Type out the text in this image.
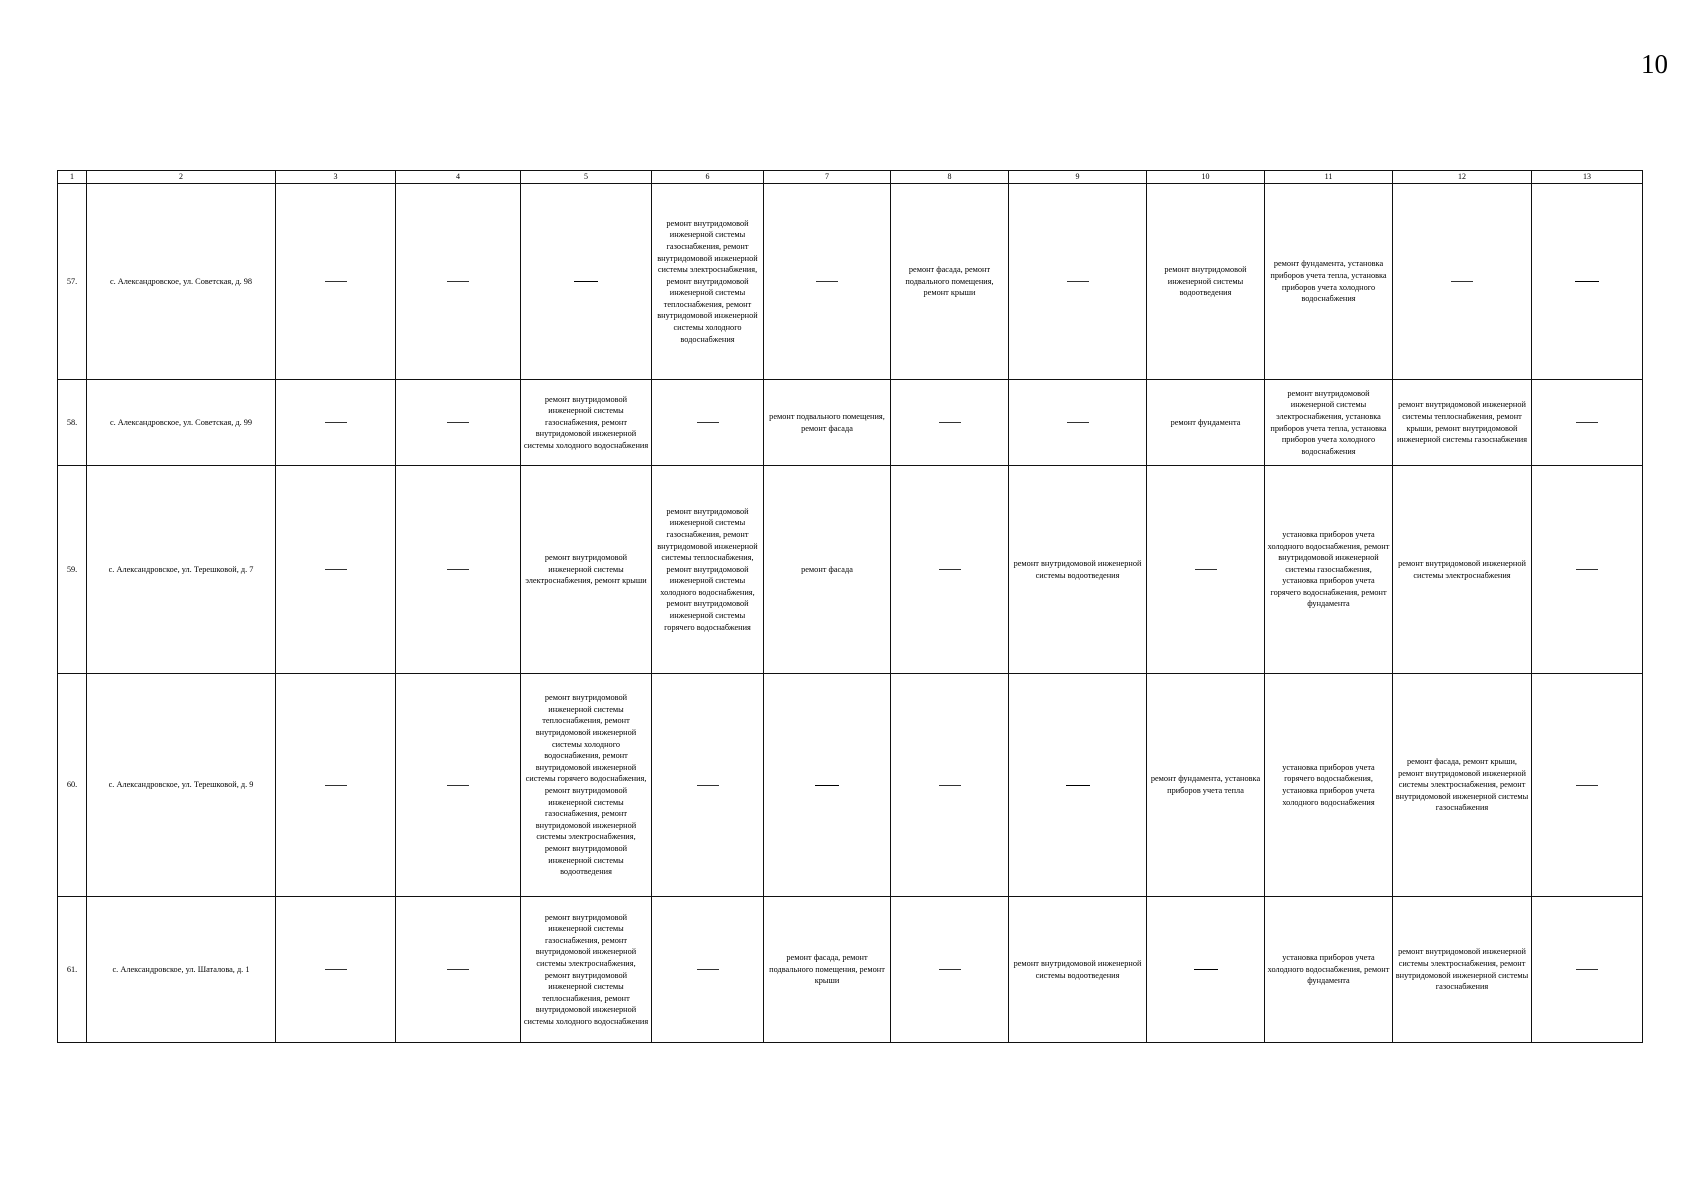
10
1	2	3	4	5	6	7	8	9	10	11	12	13
57.	с. Александровское, ул. Советская, д. 98				ремонт внутридомовой инженерной системы газоснабжения, ремонт внутридомовой инженерной системы электроснабжения, ремонт внутридомовой инженерной системы теплоснабжения, ремонт внутридомовой инженерной системы холодного водоснабжения		ремонт фасада, ремонт подвального помещения, ремонт крыши		ремонт внутридомовой инженерной системы водоотведения	ремонт фундамента, установка приборов учета тепла, установка приборов учета холодного водоснабжения		
58.	с. Александровское, ул. Советская, д. 99			ремонт внутридомовой инженерной системы газоснабжения, ремонт внутридомовой инженерной системы холодного водоснабжения		ремонт подвального помещения, ремонт фасада			ремонт фундамента	ремонт внутридомовой инженерной системы электроснабжения, установка приборов учета тепла, установка приборов учета холодного водоснабжения	ремонт внутридомовой инженерной системы теплоснабжения, ремонт крыши, ремонт внутридомовой инженерной системы газоснабжения	
59.	с. Александровское, ул. Терешковой, д. 7			ремонт внутридомовой инженерной системы электроснабжения, ремонт крыши	ремонт внутридомовой инженерной системы газоснабжения, ремонт внутридомовой инженерной системы теплоснабжения, ремонт внутридомовой инженерной системы холодного водоснабжения, ремонт внутридомовой инженерной системы горячего водоснабжения	ремонт фасада		ремонт внутридомовой инженерной системы водоотведения		установка приборов учета холодного водоснабжения, ремонт внутридомовой инженерной системы газоснабжения, установка приборов учета горячего водоснабжения, ремонт фундамента	ремонт внутридомовой инженерной системы электроснабжения	
60.	с. Александровское, ул. Терешковой, д. 9			ремонт внутридомовой инженерной системы теплоснабжения, ремонт внутридомовой инженерной системы холодного водоснабжения, ремонт внутридомовой инженерной системы горячего водоснабжения, ремонт внутридомовой инженерной системы газоснабжения, ремонт внутридомовой инженерной системы электроснабжения, ремонт внутридомовой инженерной системы водоотведения					ремонт фундамента, установка приборов учета тепла	установка приборов учета горячего водоснабжения, установка приборов учета холодного водоснабжения	ремонт фасада, ремонт крыши, ремонт внутридомовой инженерной системы электроснабжения, ремонт внутридомовой инженерной системы газоснабжения	
61.	с. Александровское, ул. Шаталова, д. 1			ремонт внутридомовой инженерной системы газоснабжения, ремонт внутридомовой инженерной системы электроснабжения, ремонт внутридомовой инженерной системы теплоснабжения, ремонт внутридомовой инженерной системы холодного водоснабжения		ремонт фасада, ремонт подвального помещения, ремонт крыши		ремонт внутридомовой инженерной системы водоотведения		установка приборов учета холодного водоснабжения, ремонт фундамента	ремонт внутридомовой инженерной системы электроснабжения, ремонт внутридомовой инженерной системы газоснабжения	
